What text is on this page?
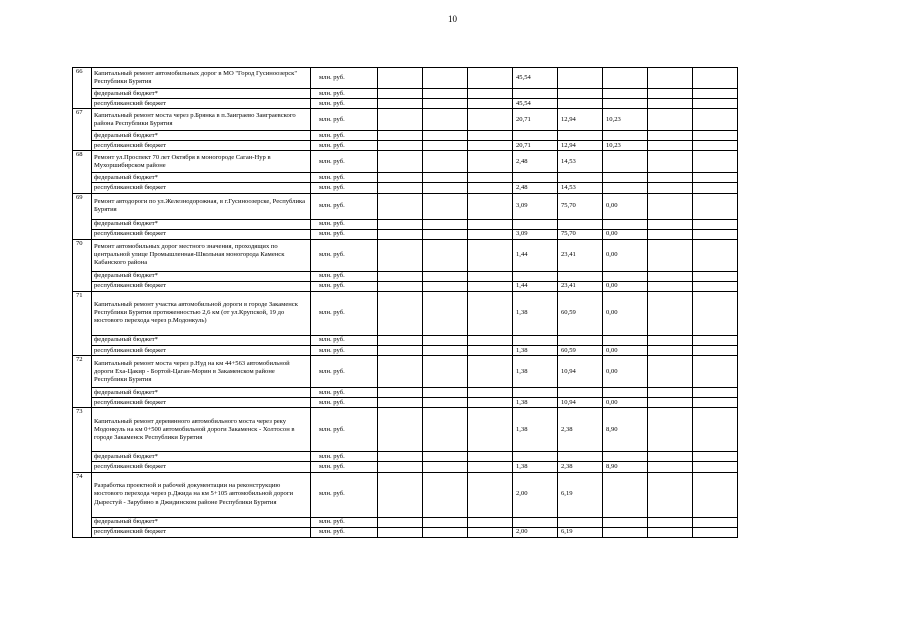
10
66	Капитальный ремонт автомобильных дорог в МО "Город Гусиноозерск" Республики Бурятия	млн. руб.				45,54				
	федеральный бюджет*	млн. руб.								
	республиканский бюджет	млн. руб.				45,54				
67	Капитальный ремонт моста через р.Брянка в п.Заиграево Заиграевского района Республики Бурятия	млн. руб.				20,71	12,94	10,23		
	федеральный бюджет*	млн. руб.								
	республиканский бюджет	млн. руб.				20,71	12,94	10,23		
68	Ремонт ул.Проспект 70 лет Октября в моногороде Саган-Нур в Мухоршибирском районе	млн. руб.				2,48	14,53			
	федеральный бюджет*	млн. руб.								
	республиканский бюджет	млн. руб.				2,48	14,53			
69	Ремонт автодороги по ул.Железнодорожная, в г.Гусиноозерске, Республика Бурятия	млн. руб.				3,09	75,70	0,00		
	федеральный бюджет*	млн. руб.								
	республиканский бюджет	млн. руб.				3,09	75,70	0,00		
70	Ремонт автомобильных дорог местного значения, проходящих по центральной улице Промышленная-Школьная моногорода Каменск Кабанского района	млн. руб.				1,44	23,41	0,00		
	федеральный бюджет*	млн. руб.								
	республиканский бюджет	млн. руб.				1,44	23,41	0,00		
71	Капитальный ремонт участка автомобильной дороги в городе Закаменск Республики Бурятия протяженностью 2,6 км (от ул.Крупской, 19 до мостового перехода через р.Модонкуль)	млн. руб.				1,38	60,59	0,00		
	федеральный бюджет*	млн. руб.								
	республиканский бюджет	млн. руб.				1,38	60,59	0,00		
72	Капитальный ремонт моста через р.Нуд на км 44+563 автомобильной дороги Еха-Цакир - Бортой-Цаган-Морин в Закаменском районе Республики Бурятия	млн. руб.				1,38	10,94	0,00		
	федеральный бюджет*	млн. руб.								
	республиканский бюджет	млн. руб.				1,38	10,94	0,00		
73	Капитальный ремонт деревянного автомобильного моста через реку Модонкуль на км 0+500 автомобильной дороги Закаменск - Холтосон в городе Закаменск Республики Бурятия	млн. руб.				1,38	2,38	8,90		
	федеральный бюджет*	млн. руб.								
	республиканский бюджет	млн. руб.				1,38	2,38	8,90		
74	Разработка проектной и рабочей документации на реконструкцию мостового перехода через р.Джида на км 5+105 автомобильной дороги Дырестуй - Зарубино в Джидинском районе Республики Бурятия	млн. руб.				2,00	6,19			
	федеральный бюджет*	млн. руб.								
	республиканский бюджет	млн. руб.				2,00	6,19			
